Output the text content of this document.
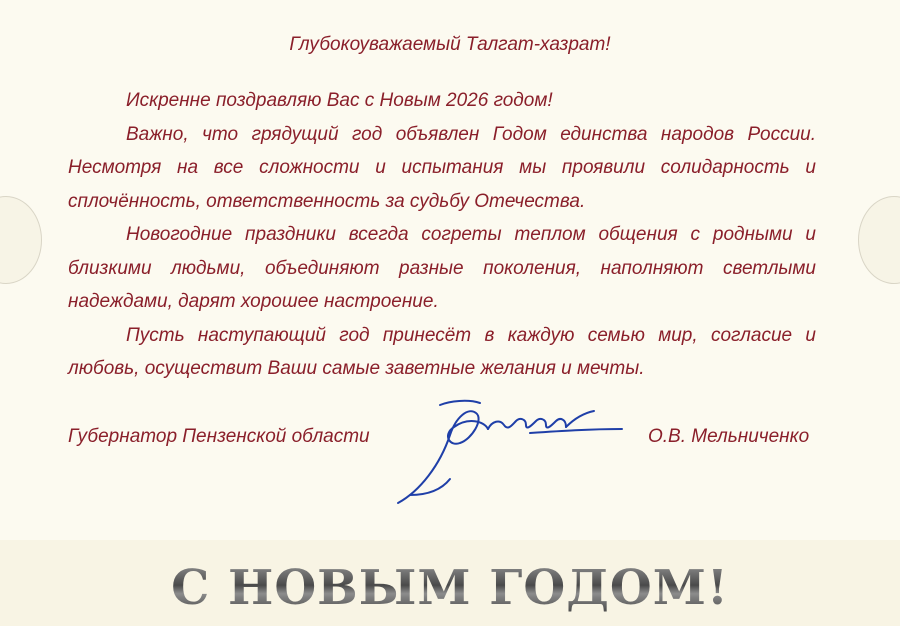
Глубокоуважаемый Талгат-хазрат!

Искренне поздравляю Вас с Новым 2026 годом!

Важно, что грядущий год объявлен Годом единства народов России. Несмотря на все сложности и испытания мы проявили солидарность и сплочённость, ответственность за судьбу Отечества.

Новогодние праздники всегда согреты теплом общения с родными и близкими людьми, объединяют разные поколения, наполняют светлыми надеждами, дарят хорошее настроение.

Пусть наступающий год принесёт в каждую семью мир, согласие и любовь, осуществит Ваши самые заветные желания и мечты.

Губернатор Пензенской области	О.В. Мельниченко
С НОВЫМ ГОДОМ!
